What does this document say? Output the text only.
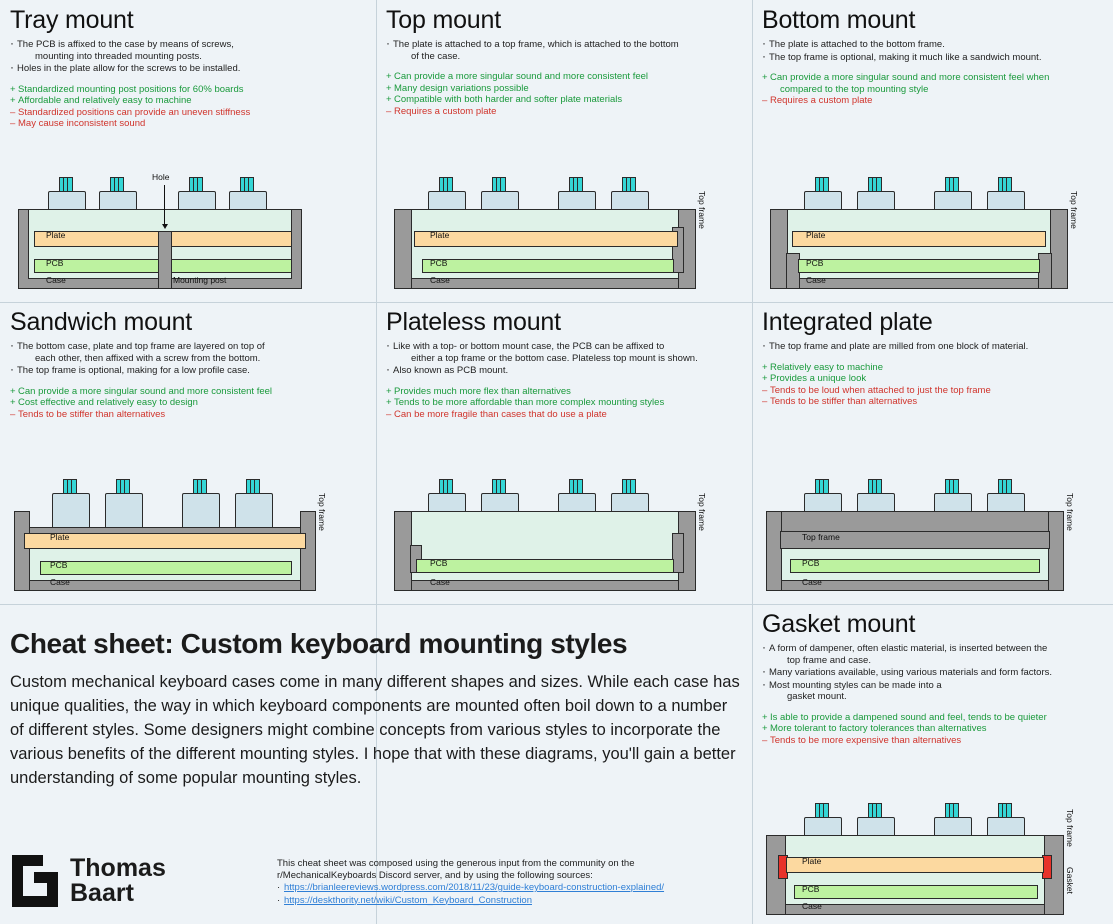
Tray mount
· The PCB is affixed to the case by means of screws,
mounting into threaded mounting posts.
· Holes in the plate allow for the screws to be installed.
+ Standardized mounting post positions for 60% boards
+ Affordable and relatively easy to machine
– Standardized positions can provide an uneven stiffness
– May cause inconsistent sound
Hole
Plate
PCB
Case	Mounting post
Top mount
· The plate is attached to a top frame, which is attached to the bottom
of the case.
+ Can provide a more singular sound and more consistent feel
+ Many design variations possible
+ Compatible with both harder and softer plate materials
– Requires a custom plate
Plate
PCB
Case
Top frame
Bottom mount
· The plate is attached to the bottom frame.
· The top frame is optional, making it much like a sandwich mount.
+ Can provide a more singular sound and more consistent feel when
compared to the top mounting style
– Requires a custom plate
Plate
PCB
Case
Top frame
Sandwich mount
· The bottom case, plate and top frame are layered on top of
each other, then affixed with a screw from the bottom.
· The top frame is optional, making for a low profile case.
+ Can provide a more singular sound and more consistent feel
+ Cost effective and relatively easy to design
– Tends to be stiffer than alternatives
Plate
PCB
Case
Top frame
Plateless mount
· Like with a top- or bottom mount case, the PCB can be affixed to
either a top frame or the bottom case. Plateless top mount is shown.
· Also known as PCB mount.
+ Provides much more flex than alternatives
+ Tends to be more affordable than more complex mounting styles
– Can be more fragile than cases that do use a plate
PCB
Case
Top frame
Integrated plate
· The top frame and plate are milled from one block of material.
+ Relatively easy to machine
+ Provides a unique look
– Tends to be loud when attached to just the top frame
– Tends to be stiffer than alternatives
Top frame
PCB
Case
Top frame
Gasket mount
· A form of dampener, often elastic material, is inserted between the
top frame and case.
· Many variations available, using various materials and form factors.
· Most mounting styles can be made into a
gasket mount.
+ Is able to provide a dampened sound and feel, tends to be quieter
+ More tolerant to factory tolerances than alternatives
– Tends to be more expensive than alternatives
Plate
PCB
Case
Top frame
Gasket
Cheat sheet: Custom keyboard mounting styles

Custom mechanical keyboard cases come in many different shapes and sizes. While each case has unique qualities, the way in which keyboard components are mounted often boil down to a number of different styles. Some designers might combine concepts from various styles to incorporate the various benefits of the different mounting styles. I hope that with these diagrams, you'll gain a better understanding of some popular mounting styles.

Thomas
Baart
This cheat sheet was composed using the generous input from the community on the
r/MechanicalKeyboards Discord server, and by using the following sources:
· https://brianleereviews.wordpress.com/2018/11/23/guide-keyboard-construction-explained/
· https://deskthority.net/wiki/Custom_Keyboard_Construction
